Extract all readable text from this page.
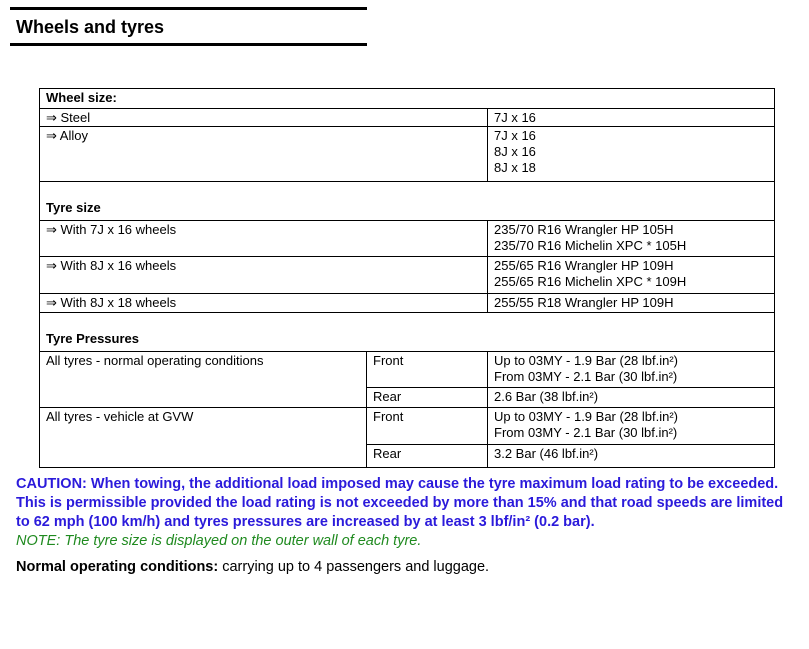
Wheels and tyres
Wheel size:		
⇒ Steel		7J x 16

⇒ Alloy		7J x 16
8J x 16
8J x 18

Tyre size		
⇒ With 7J x 16 wheels		235/70 R16 Wrangler HP 105H
235/70 R16 Michelin XPC * 105H

⇒ With 8J x 16 wheels		255/65 R16 Wrangler HP 109H
255/65 R16 Michelin XPC * 109H

⇒ With 8J x 18 wheels		255/55 R18 Wrangler HP 109H

Tyre Pressures		
All tyres - normal operating conditions	Front	Up to 03MY - 1.9 Bar (28 lbf.in²)
From 03MY - 2.1 Bar (30 lbf.in²)

	Rear	2.6 Bar (38 lbf.in²)

All tyres - vehicle at GVW	Front	Up to 03MY - 1.9 Bar (28 lbf.in²)
From 03MY - 2.1 Bar (30 lbf.in²)

	Rear	3.2 Bar (46 lbf.in²)
CAUTION: When towing, the additional load imposed may cause the tyre maximum load rating to be exceeded. This is permissible provided the load rating is not exceeded by more than 15% and that road speeds are limited to 62 mph (100 km/h) and tyres pressures are increased by at least 3 lbf/in² (0.2 bar).
NOTE: The tyre size is displayed on the outer wall of each tyre.
Normal operating conditions: carrying up to 4 passengers and luggage.
